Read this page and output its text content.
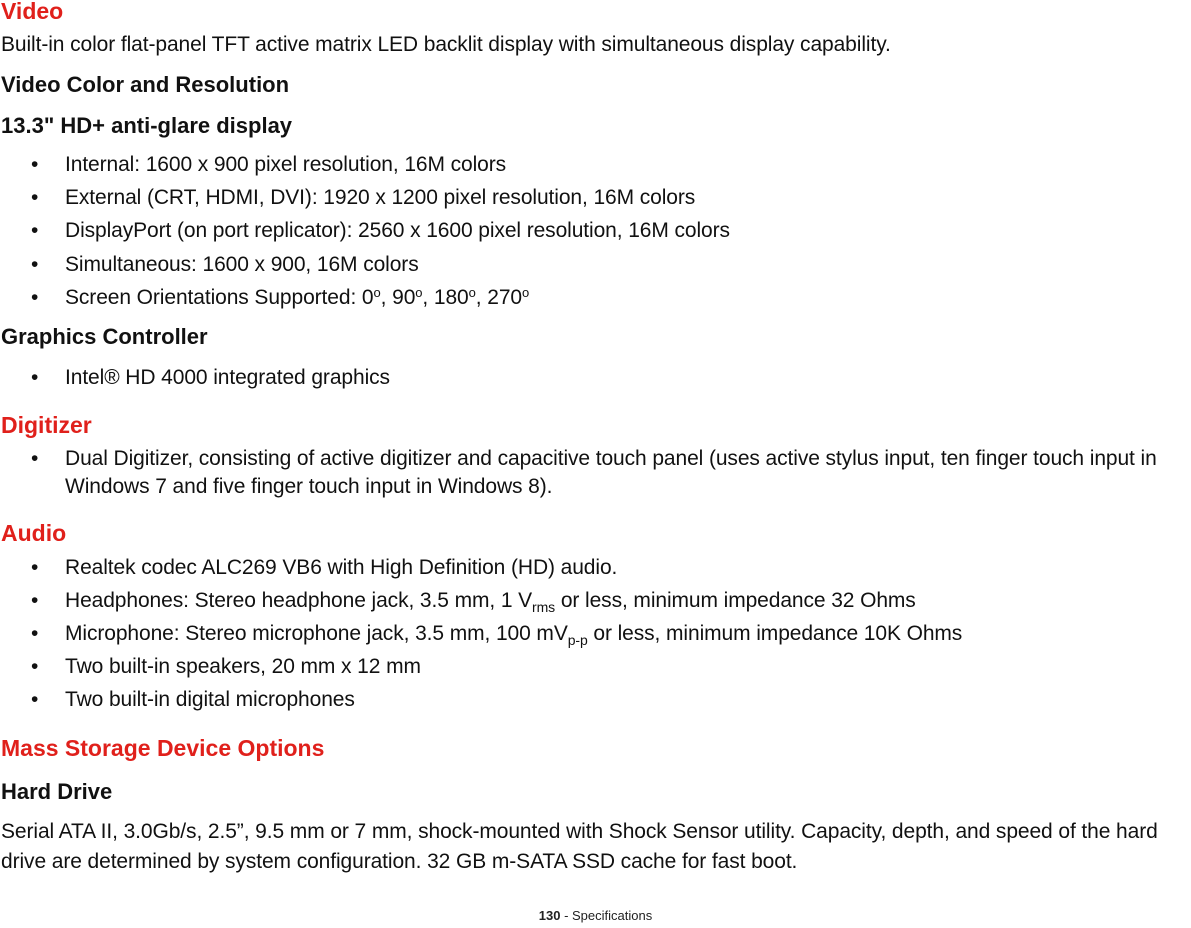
Video

Built-in color flat-panel TFT active matrix LED backlit display with simultaneous display capability.

Video Color and Resolution
13.3" HD+ anti-glare display
•	Internal: 1600 x 900 pixel resolution, 16M colors
•	External (CRT, HDMI, DVI): 1920 x 1200 pixel resolution, 16M colors
•	DisplayPort (on port replicator): 2560 x 1600 pixel resolution, 16M colors
•	Simultaneous: 1600 x 900, 16M colors
•	Screen Orientations Supported: 0$^o$, 90$^o$, 180$^o$, 270$^o$
Graphics Controller
•	Intel® HD 4000 integrated graphics
Digitizer
•	Dual Digitizer, consisting of active digitizer and capacitive touch panel (uses active stylus input, ten finger touch input in Windows 7 and five finger touch input in Windows 8).
Audio
•	Realtek codec ALC269 VB6 with High Definition (HD) audio.
•	Headphones: Stereo headphone jack, 3.5 mm, 1 $V_{rms}$ or less, minimum impedance 32 Ohms
•	Microphone: Stereo microphone jack, 3.5 mm, 100 $mV_{p-p}$ or less, minimum impedance 10K Ohms
•	Two built-in speakers, 20 mm x 12 mm
•	Two built-in digital microphones
Mass Storage Device Options
Hard Drive

Serial ATA II, 3.0Gb/s, 2.5”, 9.5 mm or 7 mm, shock-mounted with Shock Sensor utility. Capacity, depth, and speed of the hard drive are determined by system configuration. 32 GB m-SATA SSD cache for fast boot.

130 - Specifications
